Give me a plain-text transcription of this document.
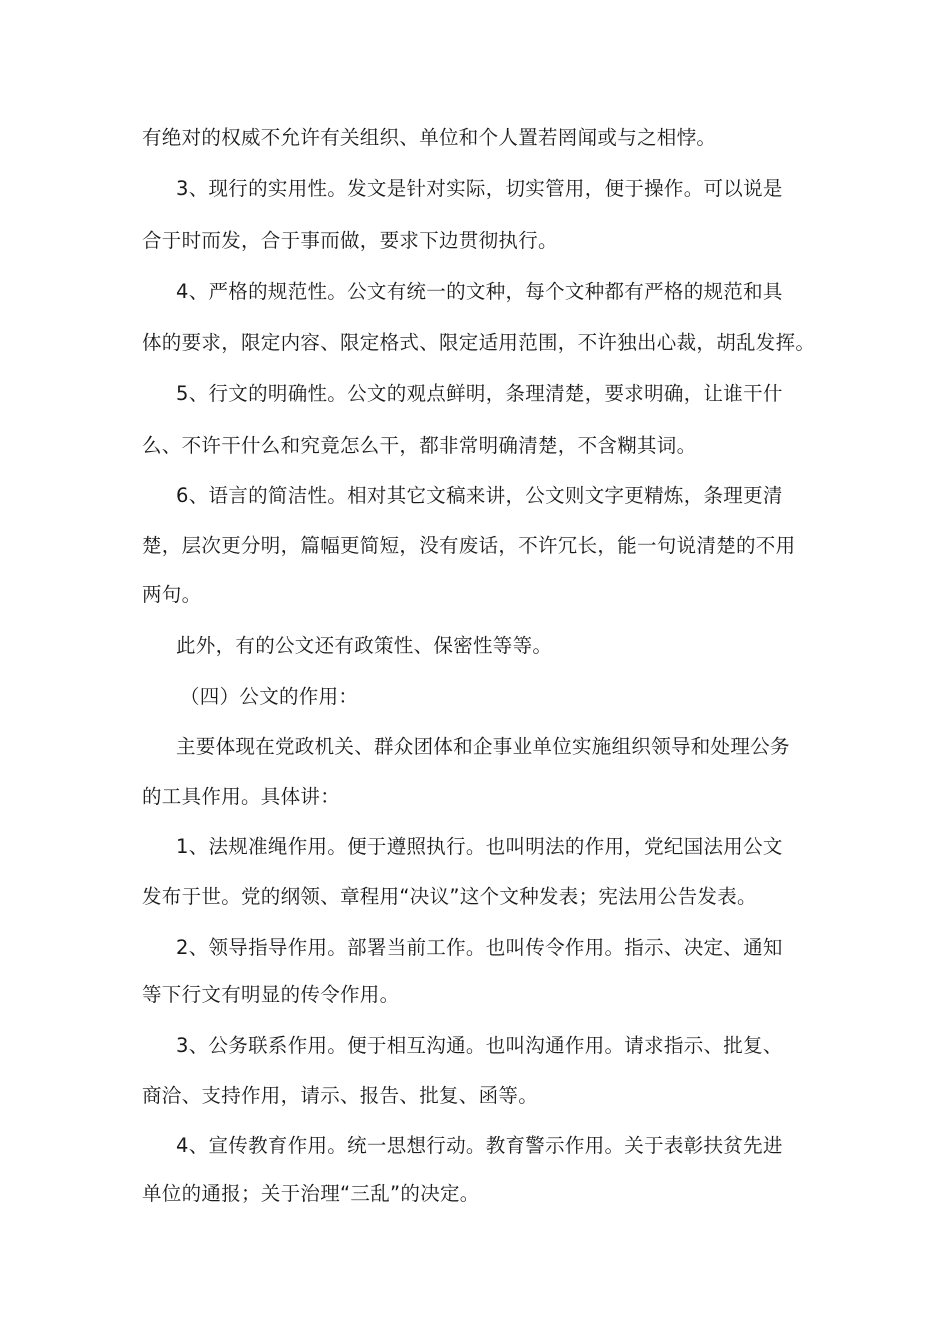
有绝对的权威不允许有关组织、单位和个人置若罔闻或与之相悖。
3、现行的实用性。发文是针对实际，切实管用，便于操作。可以说是
合于时而发，合于事而做，要求下边贯彻执行。
4、严格的规范性。公文有统一的文种，每个文种都有严格的规范和具
体的要求，限定内容、限定格式、限定适用范围，不许独出心裁，胡乱发挥。
5、行文的明确性。公文的观点鲜明，条理清楚，要求明确，让谁干什
么、不许干什么和究竟怎么干，都非常明确清楚，不含糊其词。
6、语言的简洁性。相对其它文稿来讲，公文则文字更精炼，条理更清
楚，层次更分明，篇幅更简短，没有废话，不许冗长，能一句说清楚的不用
两句。
此外，有的公文还有政策性、保密性等等。
（四）公文的作用：
主要体现在党政机关、群众团体和企事业单位实施组织领导和处理公务
的工具作用。具体讲：
1、法规准绳作用。便于遵照执行。也叫明法的作用，党纪国法用公文
发布于世。党的纲领、章程用“决议”这个文种发表；宪法用公告发表。
2、领导指导作用。部署当前工作。也叫传令作用。指示、决定、通知
等下行文有明显的传令作用。
3、公务联系作用。便于相互沟通。也叫沟通作用。请求指示、批复、
商洽、支持作用，请示、报告、批复、函等。
4、宣传教育作用。统一思想行动。教育警示作用。关于表彰扶贫先进
单位的通报；关于治理“三乱”的决定。
